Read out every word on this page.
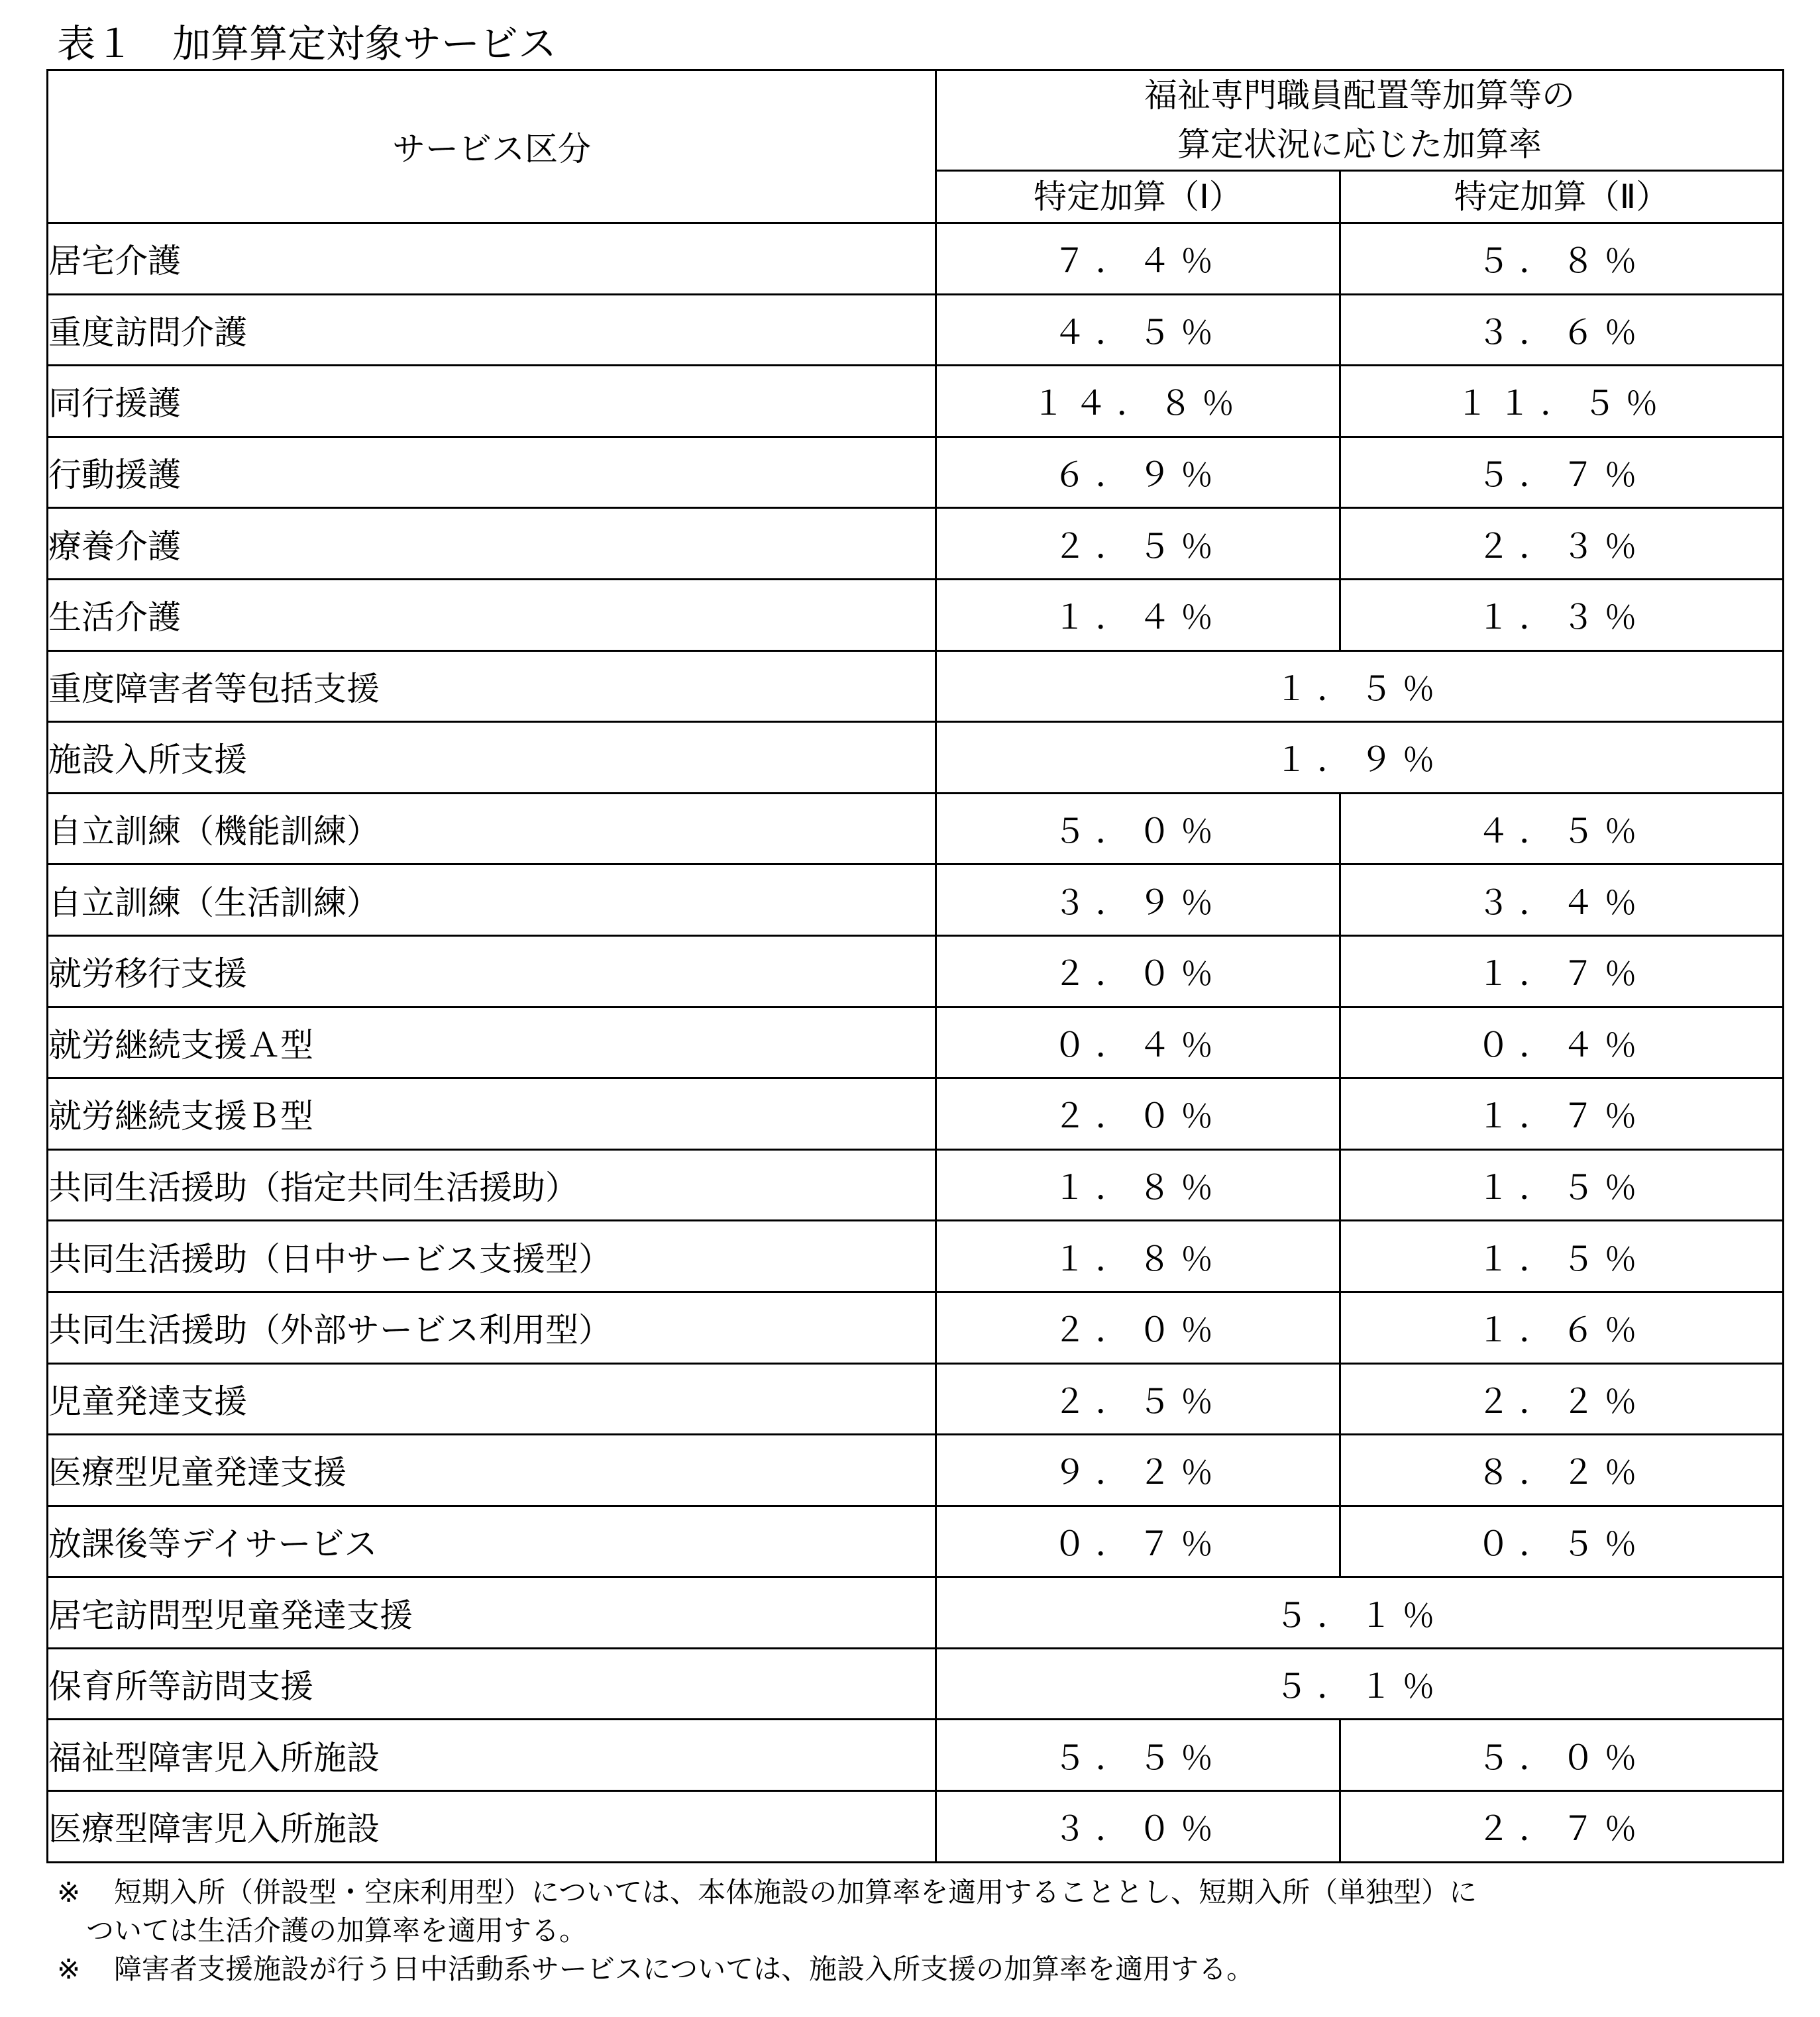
表１　加算算定対象サービス
サービス区分	福祉専門職員配置等加算等の
算定状況に応じた加算率	

	特定加算（Ⅰ）	特定加算（Ⅱ）
居宅介護	７．４％	５．８％
重度訪問介護	４．５％	３．６％
同行援護	１４．８％	１１．５％
行動援護	６．９％	５．７％
療養介護	２．５％	２．３％
生活介護	１．４％	１．３％
重度障害者等包括支援	１．５％	
施設入所支援	１．９％	
自立訓練（機能訓練）	５．０％	４．５％
自立訓練（生活訓練）	３．９％	３．４％
就労移行支援	２．０％	１．７％
就労継続支援Ａ型	０．４％	０．４％
就労継続支援Ｂ型	２．０％	１．７％
共同生活援助（指定共同生活援助）	１．８％	１．５％
共同生活援助（日中サービス支援型）	１．８％	１．５％
共同生活援助（外部サービス利用型）	２．０％	１．６％
児童発達支援	２．５％	２．２％
医療型児童発達支援	９．２％	８．２％
放課後等デイサービス	０．７％	０．５％
居宅訪問型児童発達支援	５．１％	
保育所等訪問支援	５．１％	
福祉型障害児入所施設	５．５％	５．０％
医療型障害児入所施設	３．０％	２．７％
※	短期入所（併設型・空床利用型）については、本体施設の加算率を適用することとし、短期入所（単独型）に
ついては生活介護の加算率を適用する。
※	障害者支援施設が行う日中活動系サービスについては、施設入所支援の加算率を適用する。
